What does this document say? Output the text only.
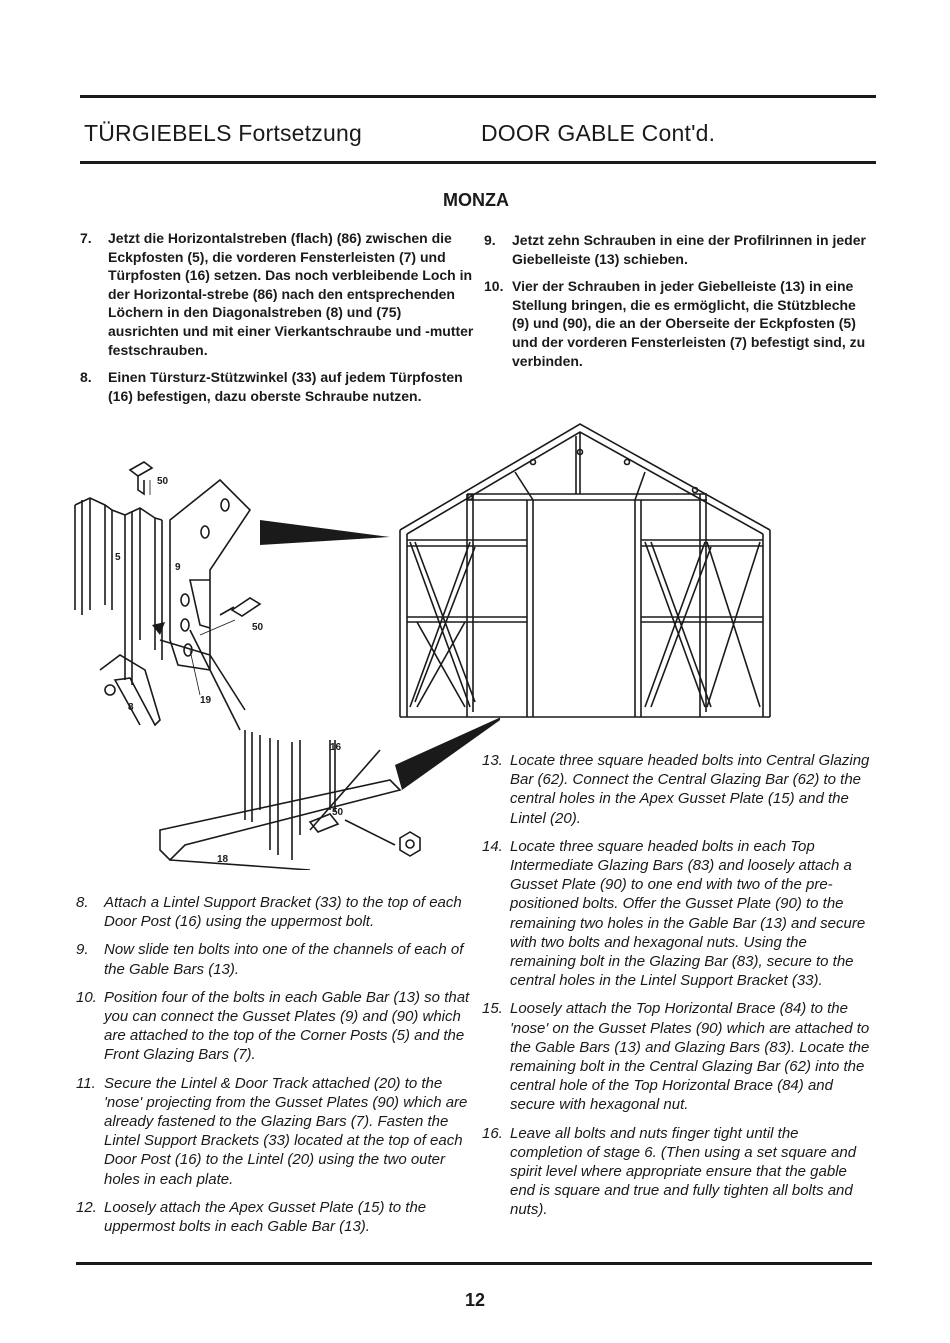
TÜRGIEBELS Fortsetzung	DOOR GABLE Cont'd.
MONZA
7.	Jetzt die Horizontalstreben (flach) (86) zwischen die Eckpfosten (5), die vorderen Fensterleisten (7) und Türpfosten (16) setzen. Das noch verbleibende Loch in der Horizontal-strebe (86) nach den entsprechenden Löchern in den Diagonalstreben (8) und (75) ausrichten und mit einer Vierkantschraube und -mutter festschrauben.
8.	Einen Türsturz-Stützwinkel (33) auf jedem Türpfosten (16) befestigen, dazu oberste Schraube nutzen.
9.	Jetzt zehn Schrauben in eine der Profilrinnen in jeder Giebelleiste (13) schieben.
10. Vier der Schrauben in jeder Giebelleiste (13) in eine Stellung bringen, die es ermöglicht, die Stützbleche (9) und (90), die an der Oberseite der Eckpfosten (5) und der vorderen Fensterleisten (7) befestigt sind, zu verbinden.
50
5
9
50
8
19
16
50
18
8.	Attach a Lintel Support Bracket (33) to the top of each Door Post (16) using the uppermost bolt.
9.	Now slide ten bolts into one of the channels of each of the Gable Bars (13).
10. Position four of the bolts in each Gable Bar (13) so that you can connect the Gusset Plates (9) and (90) which are attached to the top of the Corner Posts (5) and the Front Glazing Bars (7).
11. Secure the Lintel & Door Track attached (20) to the 'nose' projecting from the Gusset Plates (90) which are already fastened to the Glazing Bars (7). Fasten the Lintel Support Brackets (33) located at the top of each Door Post (16) to the Lintel (20) using the two outer holes in each plate.
12. Loosely attach the Apex Gusset Plate (15) to the uppermost bolts in each Gable Bar (13).
13. Locate three square headed bolts into Central Glazing Bar (62). Connect the Central Glazing Bar (62) to the central holes in the Apex Gusset Plate (15) and the Lintel (20).
14. Locate three square headed bolts in each Top Intermediate Glazing Bars (83) and loosely attach a Gusset Plate (90) to one end with two of the pre-positioned bolts. Offer the Gusset Plate (90) to the remaining two holes in the Gable Bar (13) and secure with two bolts and hexagonal nuts. Using the remaining bolt in the Glazing Bar (83), secure to the central holes in the Lintel Support Bracket (33).
15. Loosely attach the Top Horizontal Brace (84) to the 'nose' on the Gusset Plates (90) which are attached to the Gable Bars (13) and Glazing Bars (83). Locate the remaining bolt in the Central Glazing Bar (62) into the central hole of the Top Horizontal Brace (84) and secure with hexagonal nut.
16. Leave all bolts and nuts finger tight until the completion of stage 6. (Then using a set square and spirit level where appropriate ensure that the gable end is square and true and fully tighten all bolts and nuts).
12
